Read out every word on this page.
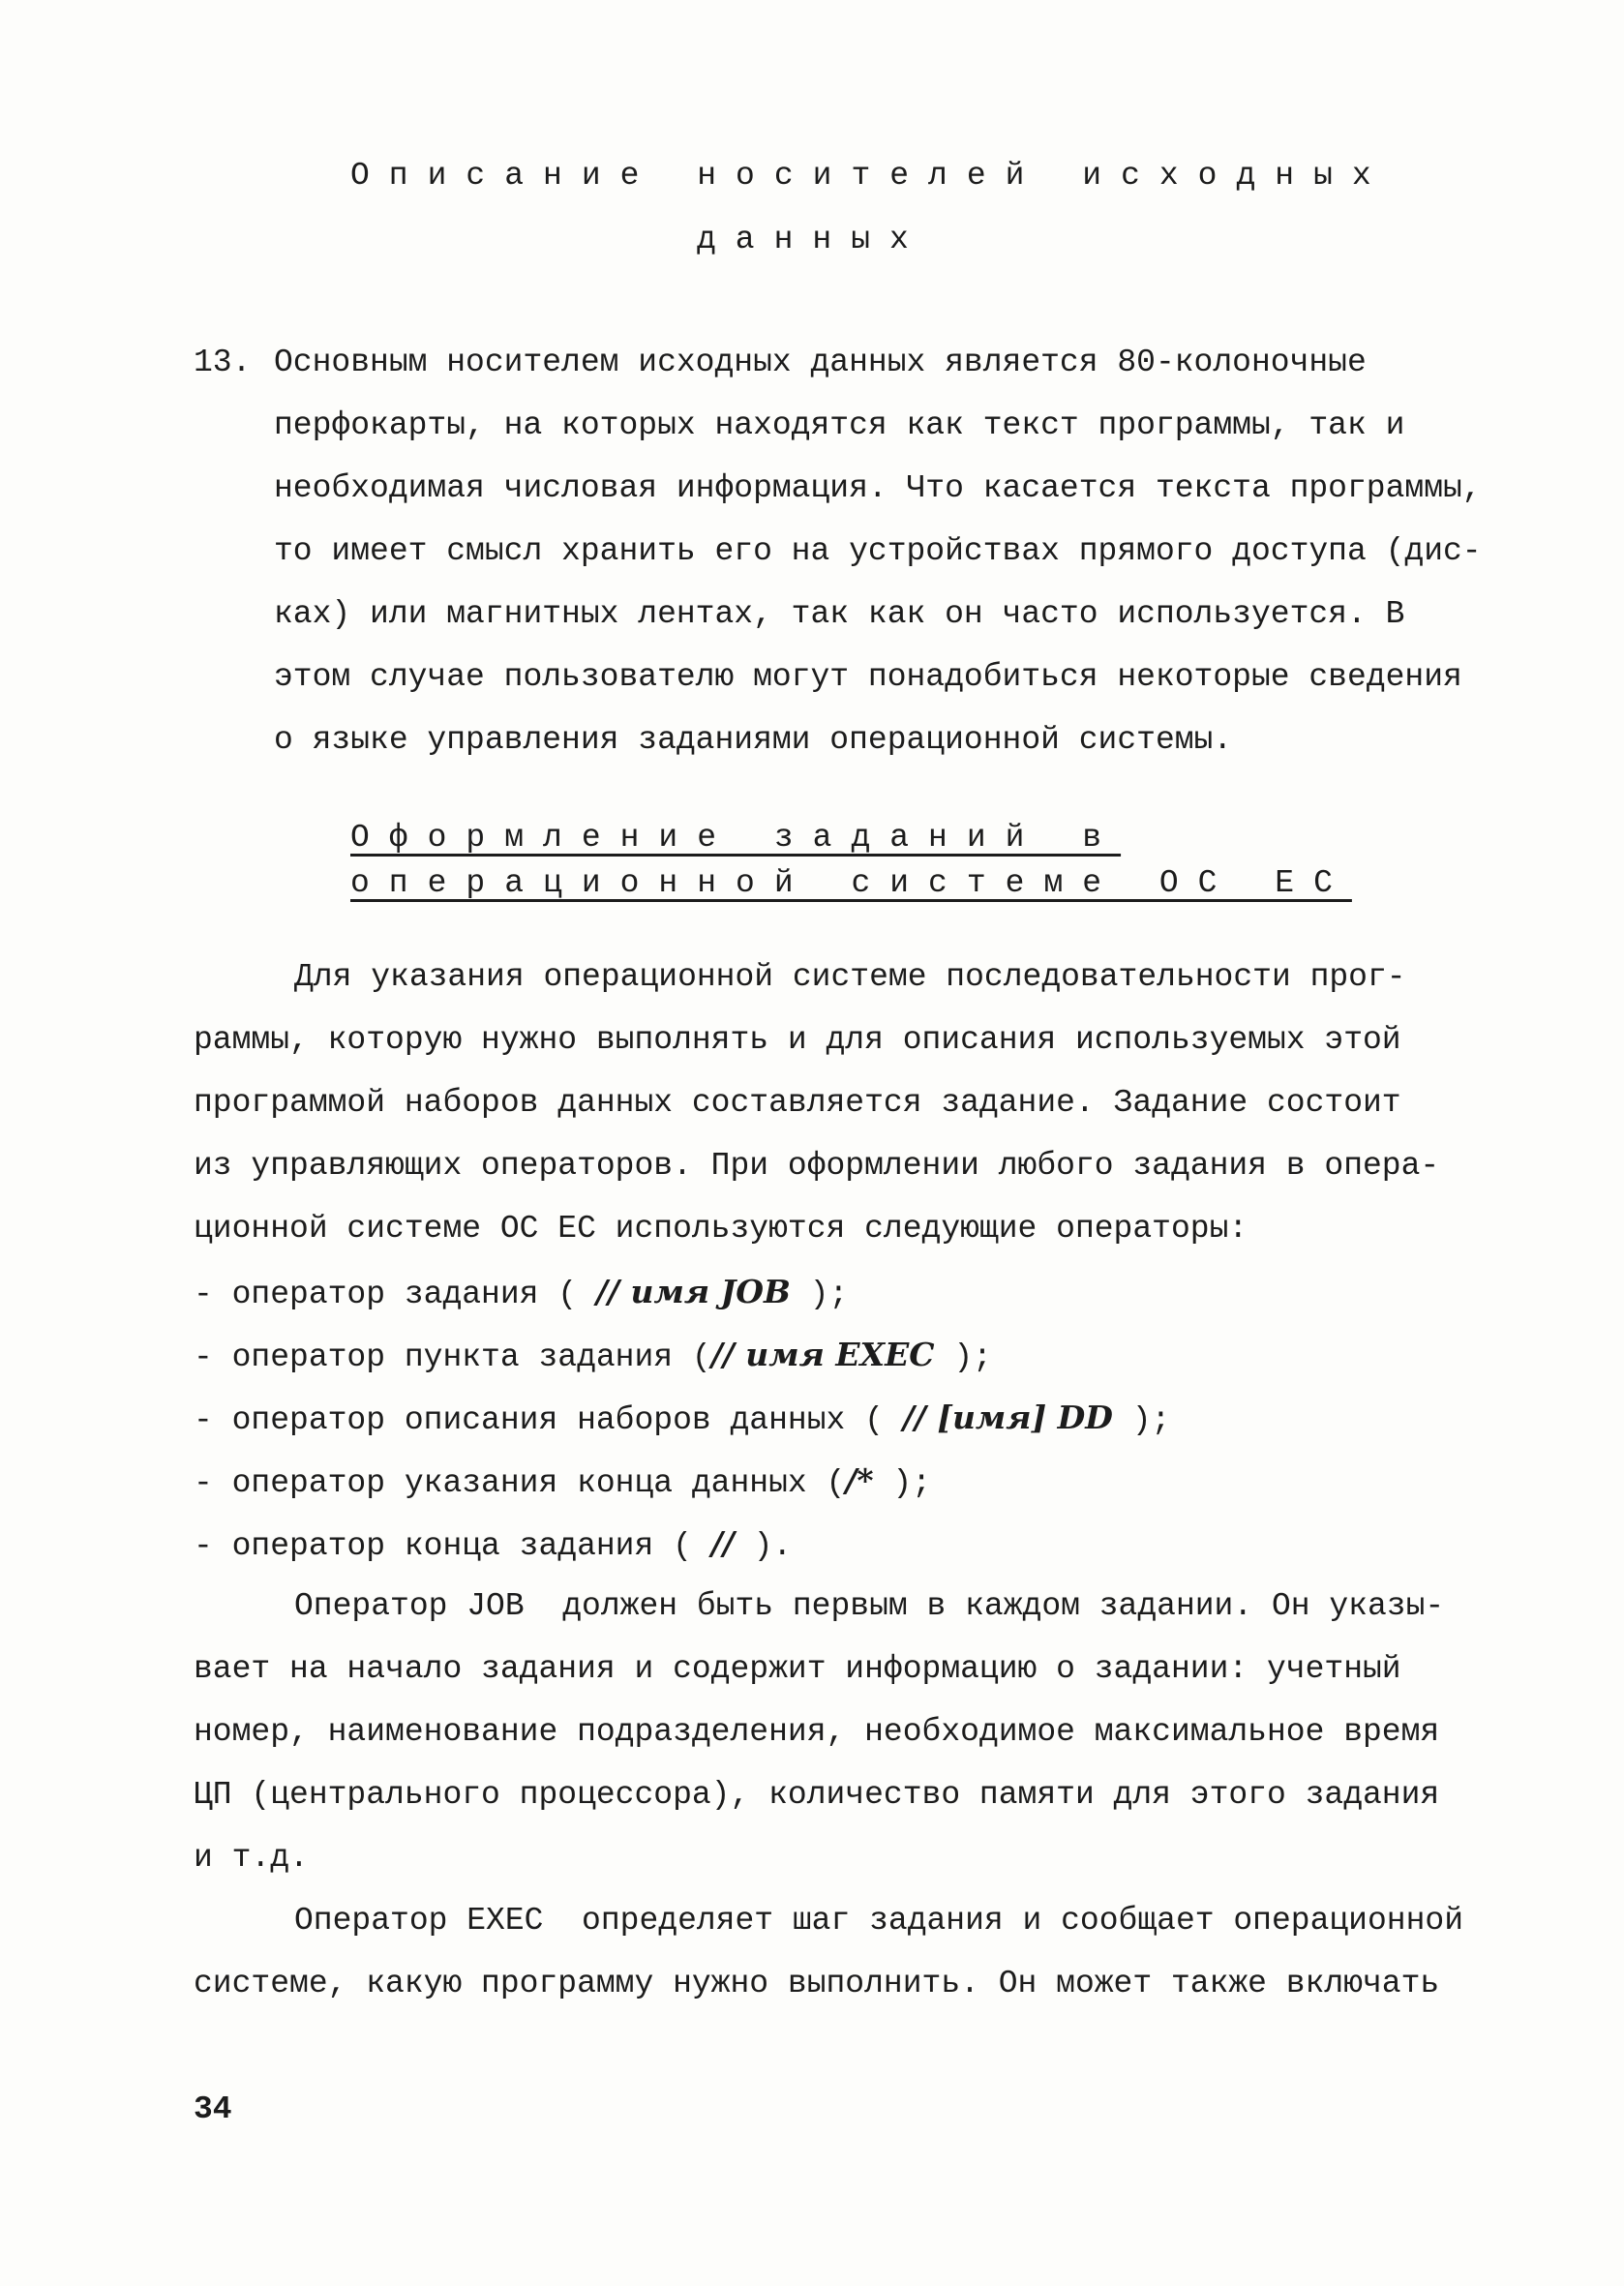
Описание носителей исходных
данных
13. Основным носителем исходных данных является 80-колоночные
перфокарты, на которых находятся как текст программы, так и
необходимая числовая информация. Что касается текста программы,
то имеет смысл хранить его на устройствах прямого доступа (дис-
ках) или магнитных лентах, так как он часто используется. В
этом случае пользователю могут понадобиться некоторые сведения
о языке управления заданиями операционной системы.
Оформление заданий в
операционной системе ОС ЕС
Для указания операционной системе последовательности прог-
раммы, которую нужно выполнять и для описания используемых этой
программой наборов данных составляется задание. Задание состоит
из управляющих операторов. При оформлении любого задания в опера-
ционной системе ОС ЕС используются следующие операторы:
- оператор задания ( // имя JOB );
- оператор пункта задания (// имя EXEC );
- оператор описания наборов данных ( // [имя] DD );
- оператор указания конца данных (/* );
- оператор конца задания ( // ).
Оператор JOB  должен быть первым в каждом задании. Он указы-
вает на начало задания и содержит информацию о задании: учетный
номер, наименование подразделения, необходимое максимальное время
ЦП (центрального процессора), количество памяти для этого задания
и т.д.
Оператор EXEC  определяет шаг задания и сообщает операционной
системе, какую программу нужно выполнить. Он может также включать
34
